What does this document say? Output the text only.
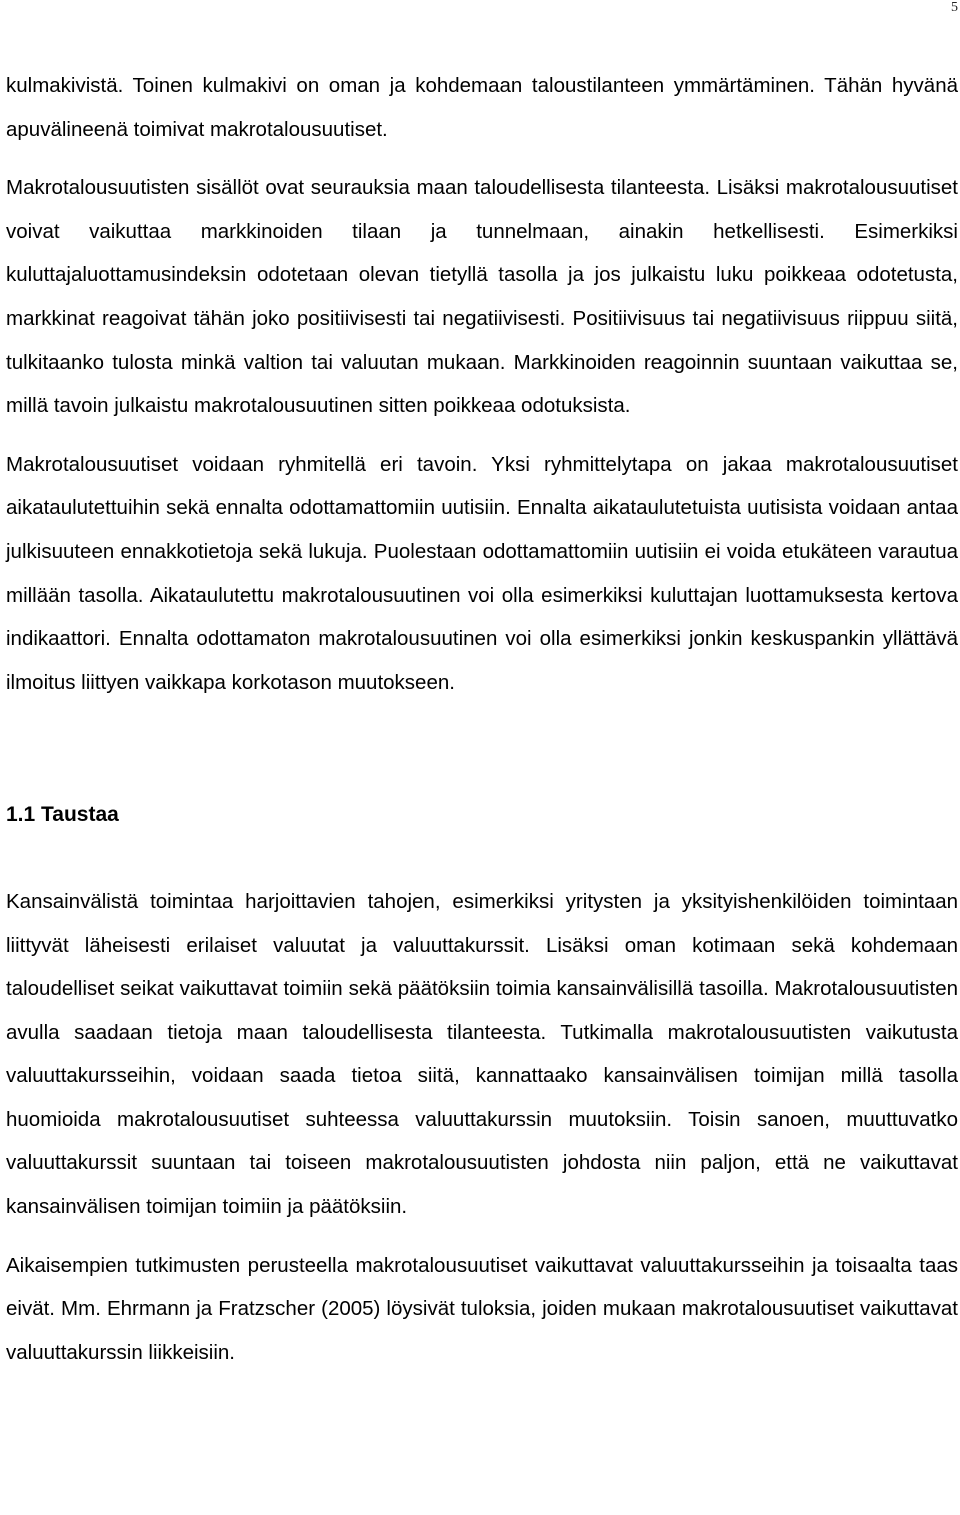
5

kulmakivistä. Toinen kulmakivi on oman ja kohdemaan taloustilanteen ymmärtäminen. Tähän hyvänä apuvälineenä toimivat makrotalousuutiset.

Makrotalousuutisten sisällöt ovat seurauksia maan taloudellisesta tilanteesta. Lisäksi makrotalousuutiset voivat vaikuttaa markkinoiden tilaan ja tunnelmaan, ainakin hetkellisesti. Esimerkiksi kuluttajaluottamusindeksin odotetaan olevan tietyllä tasolla ja jos julkaistu luku poikkeaa odotetusta, markkinat reagoivat tähän joko positiivisesti tai negatiivisesti. Positiivisuus tai negatiivisuus riippuu siitä, tulkitaanko tulosta minkä valtion tai valuutan mukaan. Markkinoiden reagoinnin suuntaan vaikuttaa se, millä tavoin julkaistu makrotalousuutinen sitten poikkeaa odotuksista.

Makrotalousuutiset voidaan ryhmitellä eri tavoin. Yksi ryhmittelytapa on jakaa makrotalousuutiset aikataulutettuihin sekä ennalta odottamattomiin uutisiin. Ennalta aikataulutetuista uutisista voidaan antaa julkisuuteen ennakkotietoja sekä lukuja. Puolestaan odottamattomiin uutisiin ei voida etukäteen varautua millään tasolla. Aikataulutettu makrotalousuutinen voi olla esimerkiksi kuluttajan luottamuksesta kertova indikaattori. Ennalta odottamaton makrotalousuutinen voi olla esimerkiksi jonkin keskuspankin yllättävä ilmoitus liittyen vaikkapa korkotason muutokseen.

1.1 Taustaa

Kansainvälistä toimintaa harjoittavien tahojen, esimerkiksi yritysten ja yksityishenkilöiden toimintaan liittyvät läheisesti erilaiset valuutat ja valuuttakurssit. Lisäksi oman kotimaan sekä kohdemaan taloudelliset seikat vaikuttavat toimiin sekä päätöksiin toimia kansainvälisillä tasoilla. Makrotalousuutisten avulla saadaan tietoja maan taloudellisesta tilanteesta. Tutkimalla makrotalousuutisten vaikutusta valuuttakursseihin, voidaan saada tietoa siitä, kannattaako kansainvälisen toimijan millä tasolla huomioida makrotalousuutiset suhteessa valuuttakurssin muutoksiin. Toisin sanoen, muuttuvatko valuuttakurssit suuntaan tai toiseen makrotalousuutisten johdosta niin paljon, että ne vaikuttavat kansainvälisen toimijan toimiin ja päätöksiin.

Aikaisempien tutkimusten perusteella makrotalousuutiset vaikuttavat valuuttakursseihin ja toisaalta taas eivät. Mm. Ehrmann ja Fratzscher (2005) löysivät tuloksia, joiden mukaan makrotalousuutiset vaikuttavat valuuttakurssin liikkeisiin.
